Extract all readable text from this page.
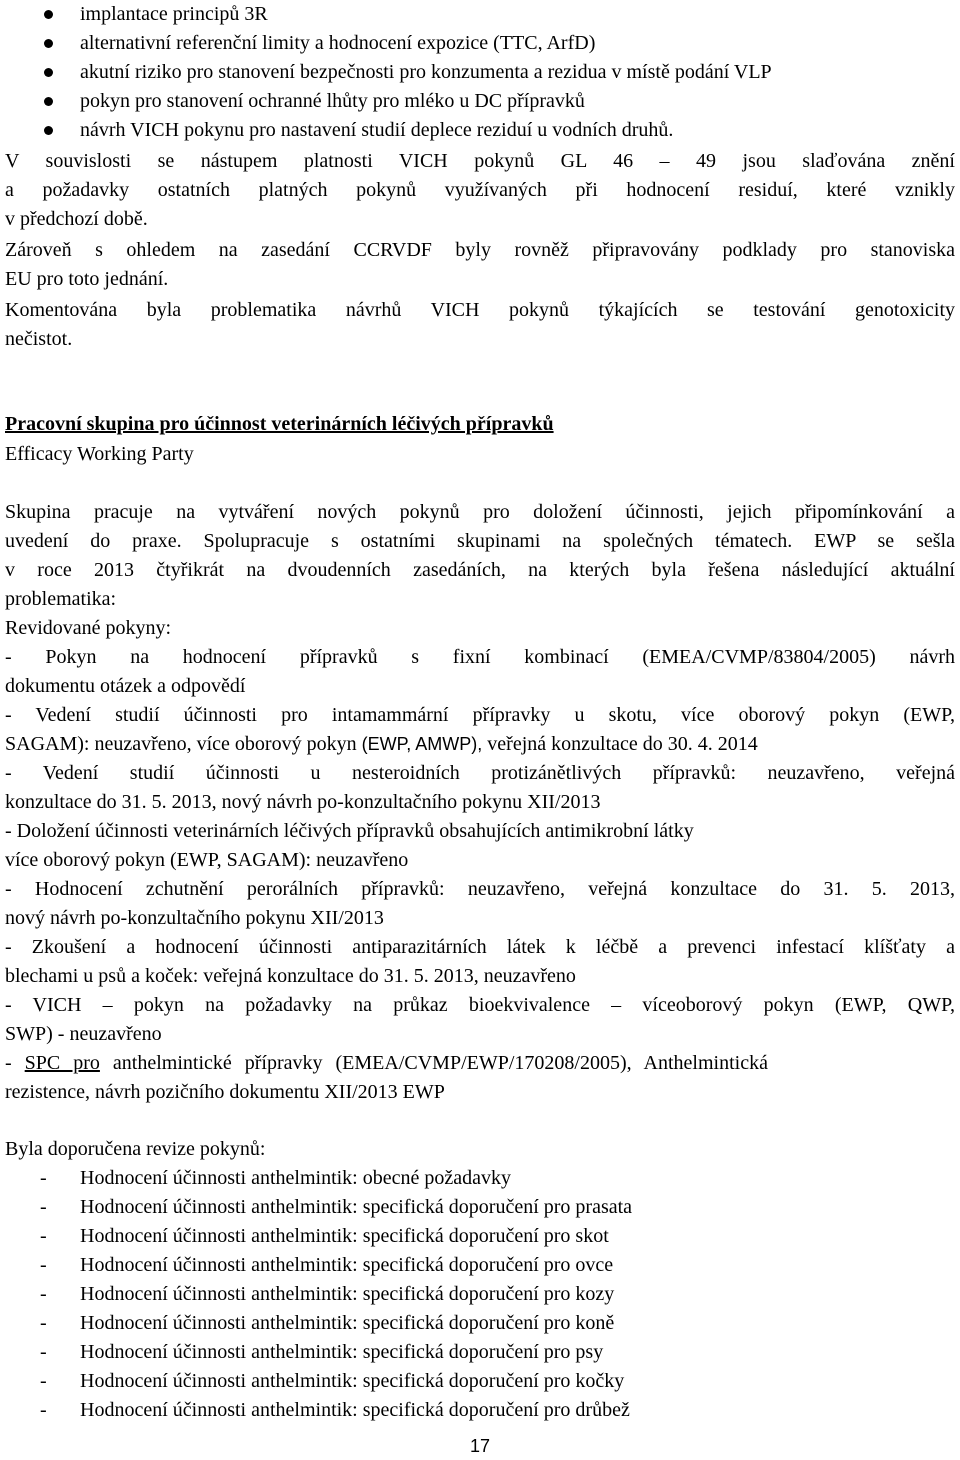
implantace principů 3R
alternativní referenční limity a hodnocení expozice (TTC, ArfD)
akutní riziko pro stanovení bezpečnosti pro konzumenta a rezidua v místě podání VLP
pokyn pro stanovení ochranné lhůty pro mléko u DC přípravků
návrh VICH pokynu pro nastavení studií deplece reziduí u vodních druhů.
V souvislosti se nástupem platnosti VICH pokynů GL 46 – 49 jsou slaďována znění
a požadavky ostatních platných pokynů využívaných při hodnocení residuí, které vznikly
v předchozí době.
Zároveň s ohledem na zasedání CCRVDF byly rovněž připravovány podklady pro stanoviska
EU pro toto jednání.
Komentována byla problematika návrhů VICH pokynů týkajících se testování genotoxicity
nečistot.
Pracovní skupina pro účinnost veterinárních léčivých přípravků
Efficacy Working Party
Skupina pracuje na vytváření nových pokynů pro doložení účinnosti, jejich připomínkování a
uvedení do praxe. Spolupracuje s ostatními skupinami na společných tématech. EWP se sešla
v roce 2013 čtyřikrát na dvoudenních zasedáních, na kterých byla řešena následující aktuální
problematika:
Revidované pokyny:
- Pokyn na hodnocení přípravků s fixní kombinací (EMEA/CVMP/83804/2005) návrh
dokumentu otázek a odpovědí
- Vedení studií účinnosti pro intamammární přípravky u skotu, více oborový pokyn (EWP,
SAGAM): neuzavřeno, více oborový pokyn (EWP, AMWP), veřejná konzultace do 30. 4. 2014
- Vedení studií účinnosti u nesteroidních protizánětlivých přípravků: neuzavřeno, veřejná
konzultace do 31. 5. 2013, nový návrh po-konzultačního pokynu XII/2013
- Doložení účinnosti veterinárních léčivých přípravků obsahujících antimikrobní látky
více oborový pokyn (EWP, SAGAM): neuzavřeno
- Hodnocení zchutnění perorálních přípravků: neuzavřeno, veřejná konzultace do 31. 5. 2013,
nový návrh po-konzultačního pokynu XII/2013
- Zkoušení a hodnocení účinnosti antiparazitárních látek k léčbě a prevenci infestací klíšťaty a
blechami u psů a koček: veřejná konzultace do 31. 5. 2013, neuzavřeno
- VICH – pokyn na požadavky na průkaz bioekvivalence – víceoborový pokyn (EWP, QWP,
SWP) - neuzavřeno
- SPC pro anthelmintické přípravky (EMEA/CVMP/EWP/170208/2005), Anthelmintická
rezistence, návrh pozičního dokumentu XII/2013 EWP
Byla doporučena revize pokynů:
- Hodnocení účinnosti anthelmintik: obecné požadavky
- Hodnocení účinnosti anthelmintik: specifická doporučení pro prasata
- Hodnocení účinnosti anthelmintik: specifická doporučení pro skot
- Hodnocení účinnosti anthelmintik: specifická doporučení pro ovce
- Hodnocení účinnosti anthelmintik: specifická doporučení pro kozy
- Hodnocení účinnosti anthelmintik: specifická doporučení pro koně
- Hodnocení účinnosti anthelmintik: specifická doporučení pro psy
- Hodnocení účinnosti anthelmintik: specifická doporučení pro kočky
- Hodnocení účinnosti anthelmintik: specifická doporučení pro drůbež
17
